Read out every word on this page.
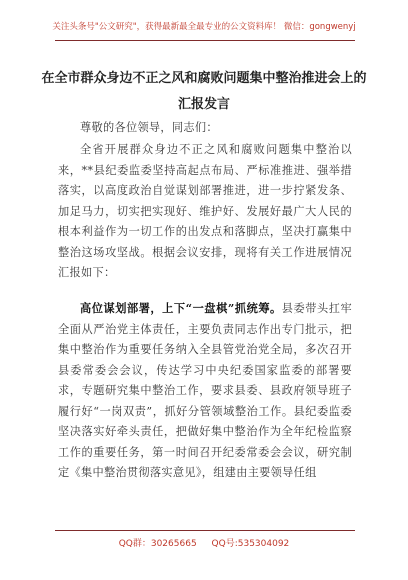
关注头条号"公文研究"，获得最新最全最专业的公文资料库！ 微信：gongwenyj
在全市群众身边不正之风和腐败问题集中整治推进会上的
汇报发言

尊敬的各位领导，同志们：

全省开展群众身边不正之风和腐败问题集中整治以来，**县纪委监委坚持高起点布局、严标准推进、强举措落实，以高度政治自觉谋划部署推进，进一步拧紧发条、加足马力，切实把实现好、维护好、发展好最广大人民的根本利益作为一切工作的出发点和落脚点，坚决打赢集中整治这场攻坚战。根据会议安排，现将有关工作进展情况汇报如下：

高位谋划部署，上下“一盘棋”抓统筹。县委带头扛牢全面从严治党主体责任，主要负责同志作出专门批示，把集中整治作为重要任务纳入全县管党治党全局，多次召开县委常委会会议，传达学习中央纪委国家监委的部署要求，专题研究集中整治工作，要求县委、县政府领导班子履行好“一岗双责”，抓好分管领域整治工作。县纪委监委坚决落实好牵头责任，把做好集中整治作为全年纪检监察工作的重要任务，第一时间召开纪委常委会会议，研究制定《集中整治贯彻落实意见》，组建由主要领导任组

QQ群：30265665 QQ号:535304092
